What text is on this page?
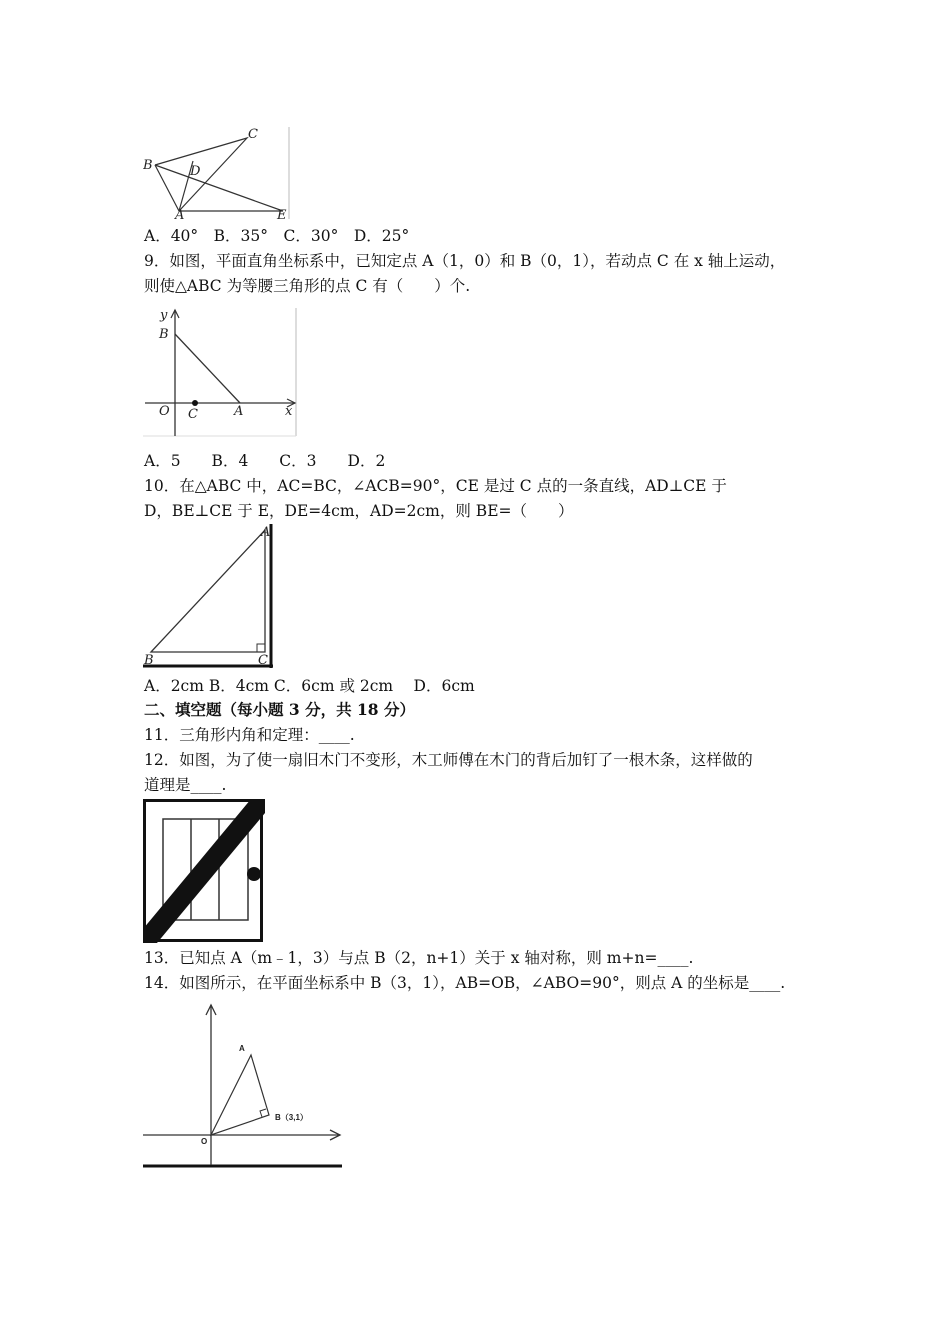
B
C
D
A	E
A．40°　B．35°　C．30°　D．25°
9．如图，平面直角坐标系中，已知定点 A（1，0）和 B（0，1），若动点 C 在 x 轴上运动，
则使△ABC 为等腰三角形的点 C 有（　　）个.
y
B
O C	A	x
A．5　　B．4　　C．3　　D．2
10．在△ABC 中，AC=BC，∠ACB=90°，CE 是过 C 点的一条直线，AD⊥CE 于
D，BE⊥CE 于 E，DE=4cm，AD=2cm，则 BE=（　　）
A
B	C
A．2cm B．4cm C．6cm 或 2cm　 D．6cm
二、填空题（每小题 3 分，共 18 分）
11．三角形内角和定理：____.
12．如图，为了使一扇旧木门不变形，木工师傅在木门的背后加钉了一根木条，这样做的
道理是____.
13．已知点 A（m﹣1，3）与点 B（2，n+1）关于 x 轴对称，则 m+n=____.
14．如图所示，在平面坐标系中 B（3，1），AB=OB，∠ABO=90°，则点 A 的坐标是____.
A
B（3,1）
O
